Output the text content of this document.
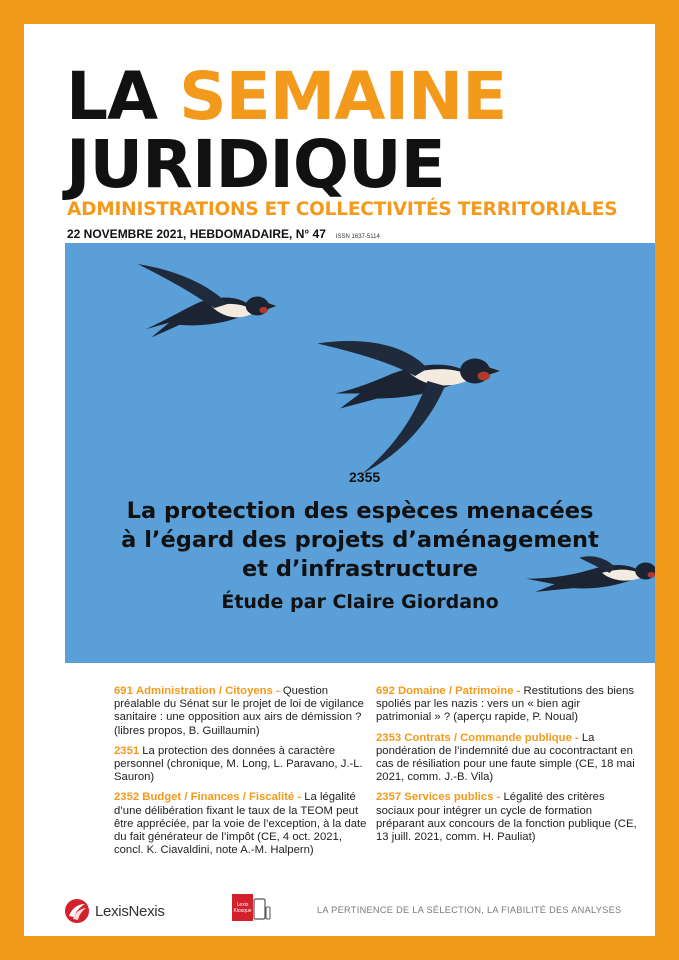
LA SEMAINE
JURIDIQUE
ADMINISTRATIONS ET COLLECTIVITÉS TERRITORIALES
22 NOVEMBRE 2021, HEBDOMADAIRE, N° 47 ISSN 1637-5114
2355
La protection des espèces menacées
à l’égard des projets d’aménagement
et d’infrastructure
Étude par Claire Giordano

691 Administration / Citoyens - Question préalable du Sénat sur le projet de loi de vigilance sanitaire : une opposition aux airs de démission ? (libres propos, B. Guillaumin)

2351 La protection des données à caractère personnel (chronique, M. Long, L. Paravano, J.-L. Sauron)

2352 Budget / Finances / Fiscalité - La légalité d’une délibération fixant le taux de la TEOM peut être appréciée, par la voie de l’exception, à la date du fait générateur de l’impôt (CE, 4 oct. 2021, concl. K. Ciavaldini, note A.-M. Halpern)

692 Domaine / Patrimoine - Restitutions des biens spoliés par les nazis : vers un « bien agir patrimonial » ? (aperçu rapide, P. Noual)

2353 Contrats / Commande publique - La pondération de l’indemnité due au cocontractant en cas de résiliation pour une faute simple (CE, 18 mai 2021, comm. J.-B. Vila)

2357 Services publics - Légalité des critères sociaux pour intégrer un cycle de formation préparant aux concours de la fonction publique (CE, 13 juill. 2021, comm. H. Pauliat)

LexisNexis	Lexis
Kiosque	LA PERTINENCE DE LA SÉLECTION, LA FIABILITÉ DES ANALYSES
